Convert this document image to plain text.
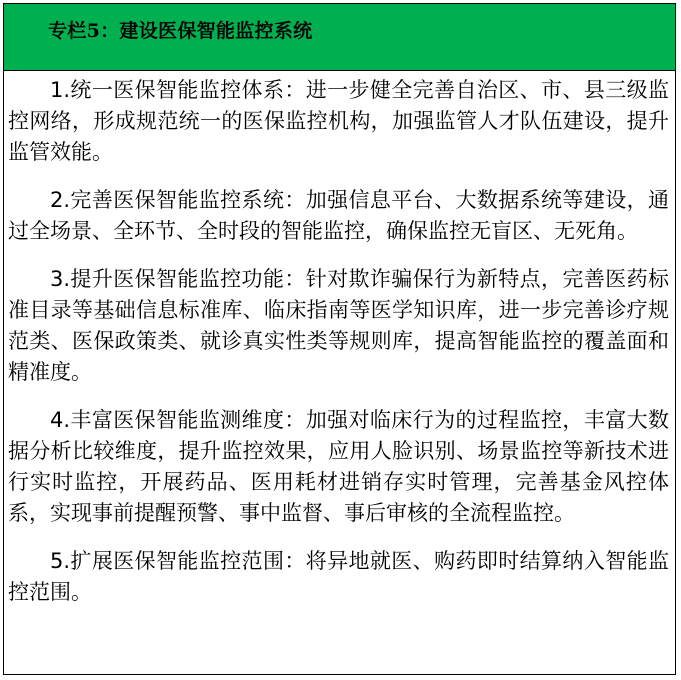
专栏5：建设医保智能监控系统

1.统一医保智能监控体系：进一步健全完善自治区、市、县三级监控网络，形成规范统一的医保监控机构，加强监管人才队伍建设，提升监管效能。

2.完善医保智能监控系统：加强信息平台、大数据系统等建设，通过全场景、全环节、全时段的智能监控，确保监控无盲区、无死角。

3.提升医保智能监控功能：针对欺诈骗保行为新特点，完善医药标准目录等基础信息标准库、临床指南等医学知识库，进一步完善诊疗规范类、医保政策类、就诊真实性类等规则库，提高智能监控的覆盖面和精准度。

4.丰富医保智能监测维度：加强对临床行为的过程监控，丰富大数据分析比较维度，提升监控效果，应用人脸识别、场景监控等新技术进行实时监控，开展药品、医用耗材进销存实时管理，完善基金风控体系，实现事前提醒预警、事中监督、事后审核的全流程监控。

5.扩展医保智能监控范围：将异地就医、购药即时结算纳入智能监控范围。
